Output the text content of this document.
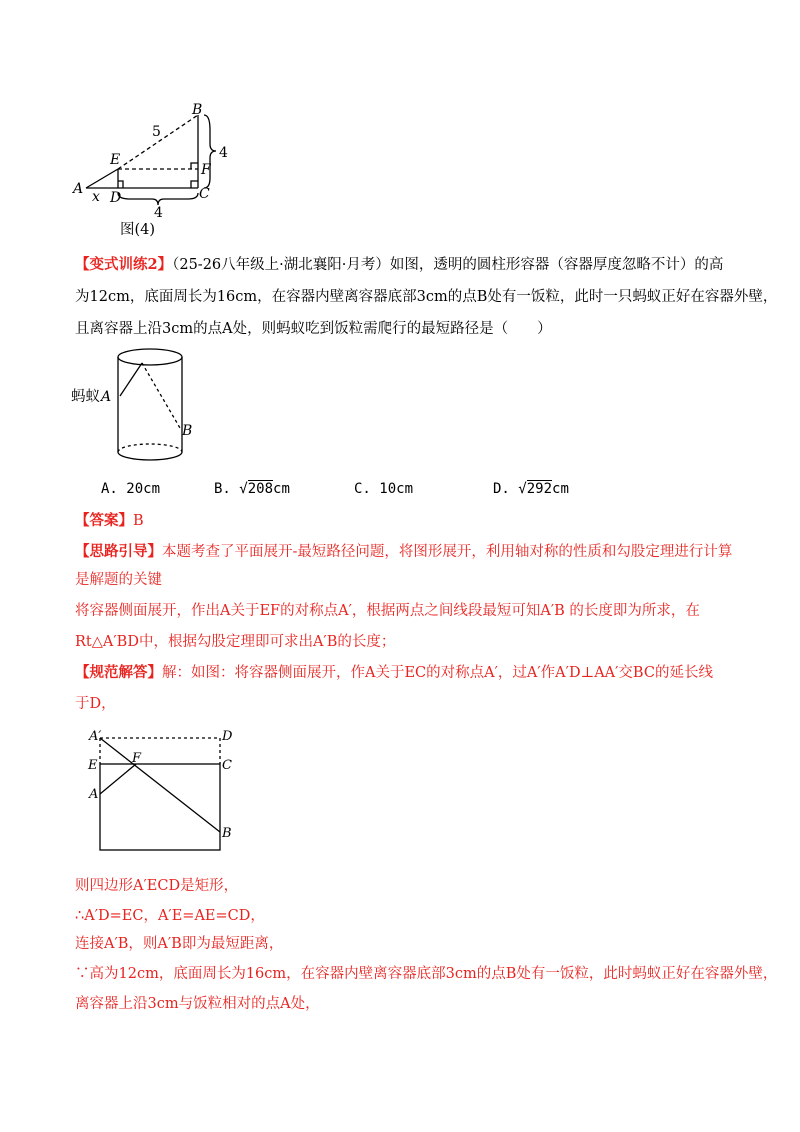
B
5
E
F
4
A x D	C
4
图(4)
【变式训练2】（25-26八年级上·湖北襄阳·月考）如图，透明的圆柱形容器（容器厚度忽略不计）的高
为12cm，底面周长为16cm，在容器内壁离容器底部3cm的点B处有一饭粒，此时一只蚂蚁正好在容器外壁，
且离容器上沿3cm的点A处，则蚂蚁吃到饭粒需爬行的最短路径是（　　）
蚂蚁 A
B
A. 20cm	B. √208cm	C. 10cm	D. √292cm
【答案】B
【思路引导】本题考查了平面展开-最短路径问题，将图形展开，利用轴对称的性质和勾股定理进行计算
是解题的关键
将容器侧面展开，作出A关于EF的对称点A′，根据两点之间线段最短可知A′B 的长度即为所求，在
Rt△A′BD中，根据勾股定理即可求出A′B的长度；
【规范解答】解：如图：将容器侧面展开，作A关于EC的对称点A′，过A′作A′D⊥AA′交BC的延长线
于D，
A′	D
E	F	C
A
B
则四边形A′ECD是矩形，
∴A′D=EC，A′E=AE=CD，
连接A′B，则A′B即为最短距离，
∵高为12cm，底面周长为16cm，在容器内壁离容器底部3cm的点B处有一饭粒，此时蚂蚁正好在容器外壁，
离容器上沿3cm与饭粒相对的点A处，
